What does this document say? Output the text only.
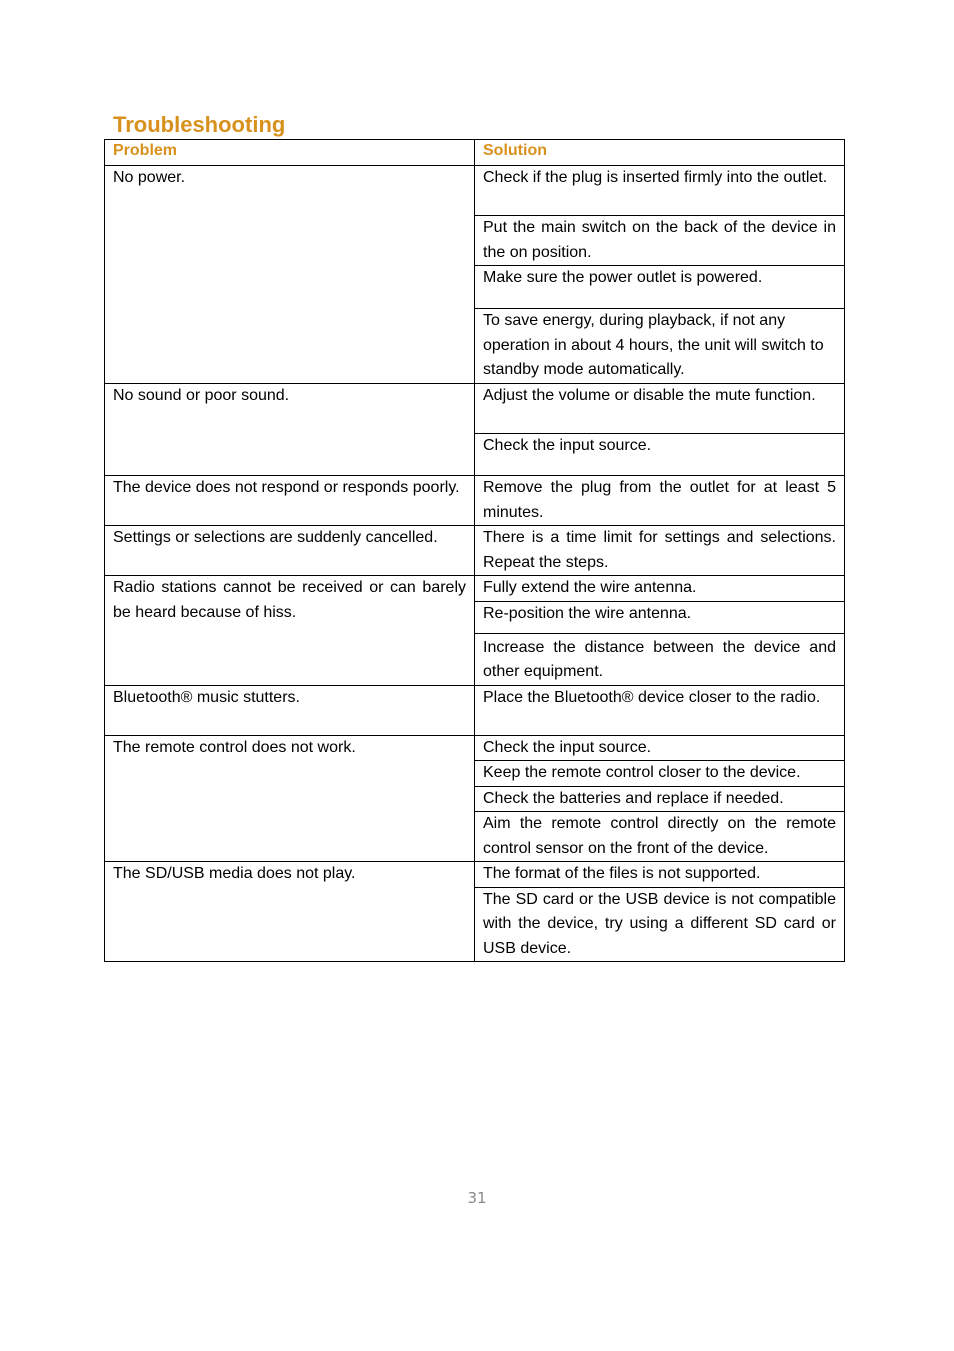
Troubleshooting
Problem	Solution
No power.	Check if the plug is inserted firmly into the outlet.
	Put the main switch on the back of the device in the on position.
	Make sure the power outlet is powered.
	To save energy, during playback, if not any operation in about 4 hours, the unit will switch to standby mode automatically.
No sound or poor sound.	Adjust the volume or disable the mute function.
	Check the input source.
The device does not respond or responds poorly.	Remove the plug from the outlet for at least 5 minutes.
Settings or selections are suddenly cancelled.	There is a time limit for settings and selections. Repeat the steps.
Radio stations cannot be received or can barely be heard because of hiss.	Fully extend the wire antenna.
	Re-position the wire antenna.
	Increase the distance between the device and other equipment.
Bluetooth® music stutters.	Place the Bluetooth® device closer to the radio.
The remote control does not work.	Check the input source.
	Keep the remote control closer to the device.
	Check the batteries and replace if needed.
	Aim the remote control directly on the remote control sensor on the front of the device.
The SD/USB media does not play.	The format of the files is not supported.
	The SD card or the USB device is not compatible with the device, try using a different SD card or USB device.
31
